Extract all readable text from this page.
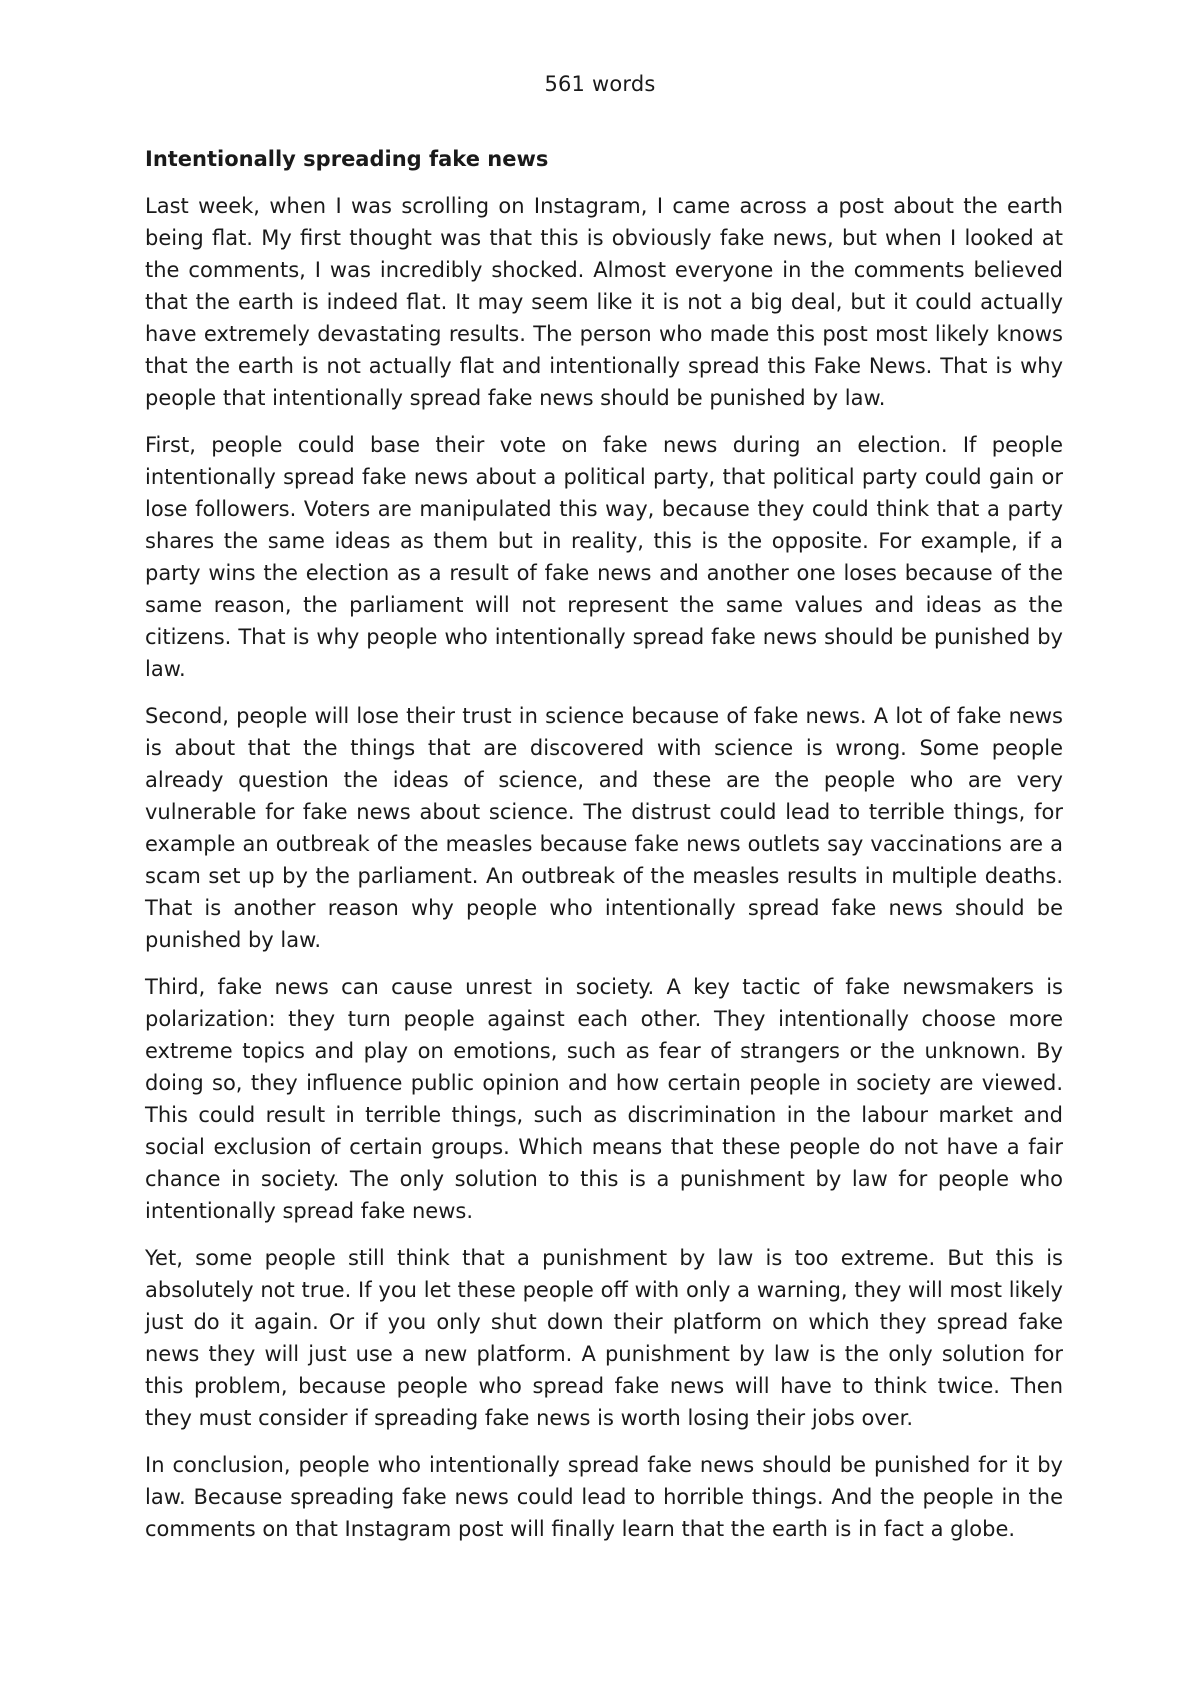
561 words
Intentionally spreading fake news

Last week, when I was scrolling on Instagram, I came across a post about the earth being flat. My first thought was that this is obviously fake news, but when I looked at the comments, I was incredibly shocked. Almost everyone in the comments believed that the earth is indeed flat. It may seem like it is not a big deal, but it could actually have extremely devastating results. The person who made this post most likely knows that the earth is not actually flat and intentionally spread this Fake News. That is why people that intentionally spread fake news should be punished by law.

First, people could base their vote on fake news during an election. If people intentionally spread fake news about a political party, that political party could gain or lose followers. Voters are manipulated this way, because they could think that a party shares the same ideas as them but in reality, this is the opposite. For example, if a party wins the election as a result of fake news and another one loses because of the same reason, the parliament will not represent the same values and ideas as the citizens. That is why people who intentionally spread fake news should be punished by law.

Second, people will lose their trust in science because of fake news. A lot of fake news is about that the things that are discovered with science is wrong. Some people already question the ideas of science, and these are the people who are very vulnerable for fake news about science. The distrust could lead to terrible things, for example an outbreak of the measles because fake news outlets say vaccinations are a scam set up by the parliament. An outbreak of the measles results in multiple deaths. That is another reason why people who intentionally spread fake news should be punished by law.

Third, fake news can cause unrest in society. A key tactic of fake newsmakers is polarization: they turn people against each other. They intentionally choose more extreme topics and play on emotions, such as fear of strangers or the unknown. By doing so, they influence public opinion and how certain people in society are viewed. This could result in terrible things, such as discrimination in the labour market and social exclusion of certain groups. Which means that these people do not have a fair chance in society. The only solution to this is a punishment by law for people who intentionally spread fake news.

Yet, some people still think that a punishment by law is too extreme. But this is absolutely not true. If you let these people off with only a warning, they will most likely just do it again. Or if you only shut down their platform on which they spread fake news they will just use a new platform. A punishment by law is the only solution for this problem, because people who spread fake news will have to think twice. Then they must consider if spreading fake news is worth losing their jobs over.

In conclusion, people who intentionally spread fake news should be punished for it by law. Because spreading fake news could lead to horrible things. And the people in the comments on that Instagram post will finally learn that the earth is in fact a globe.
